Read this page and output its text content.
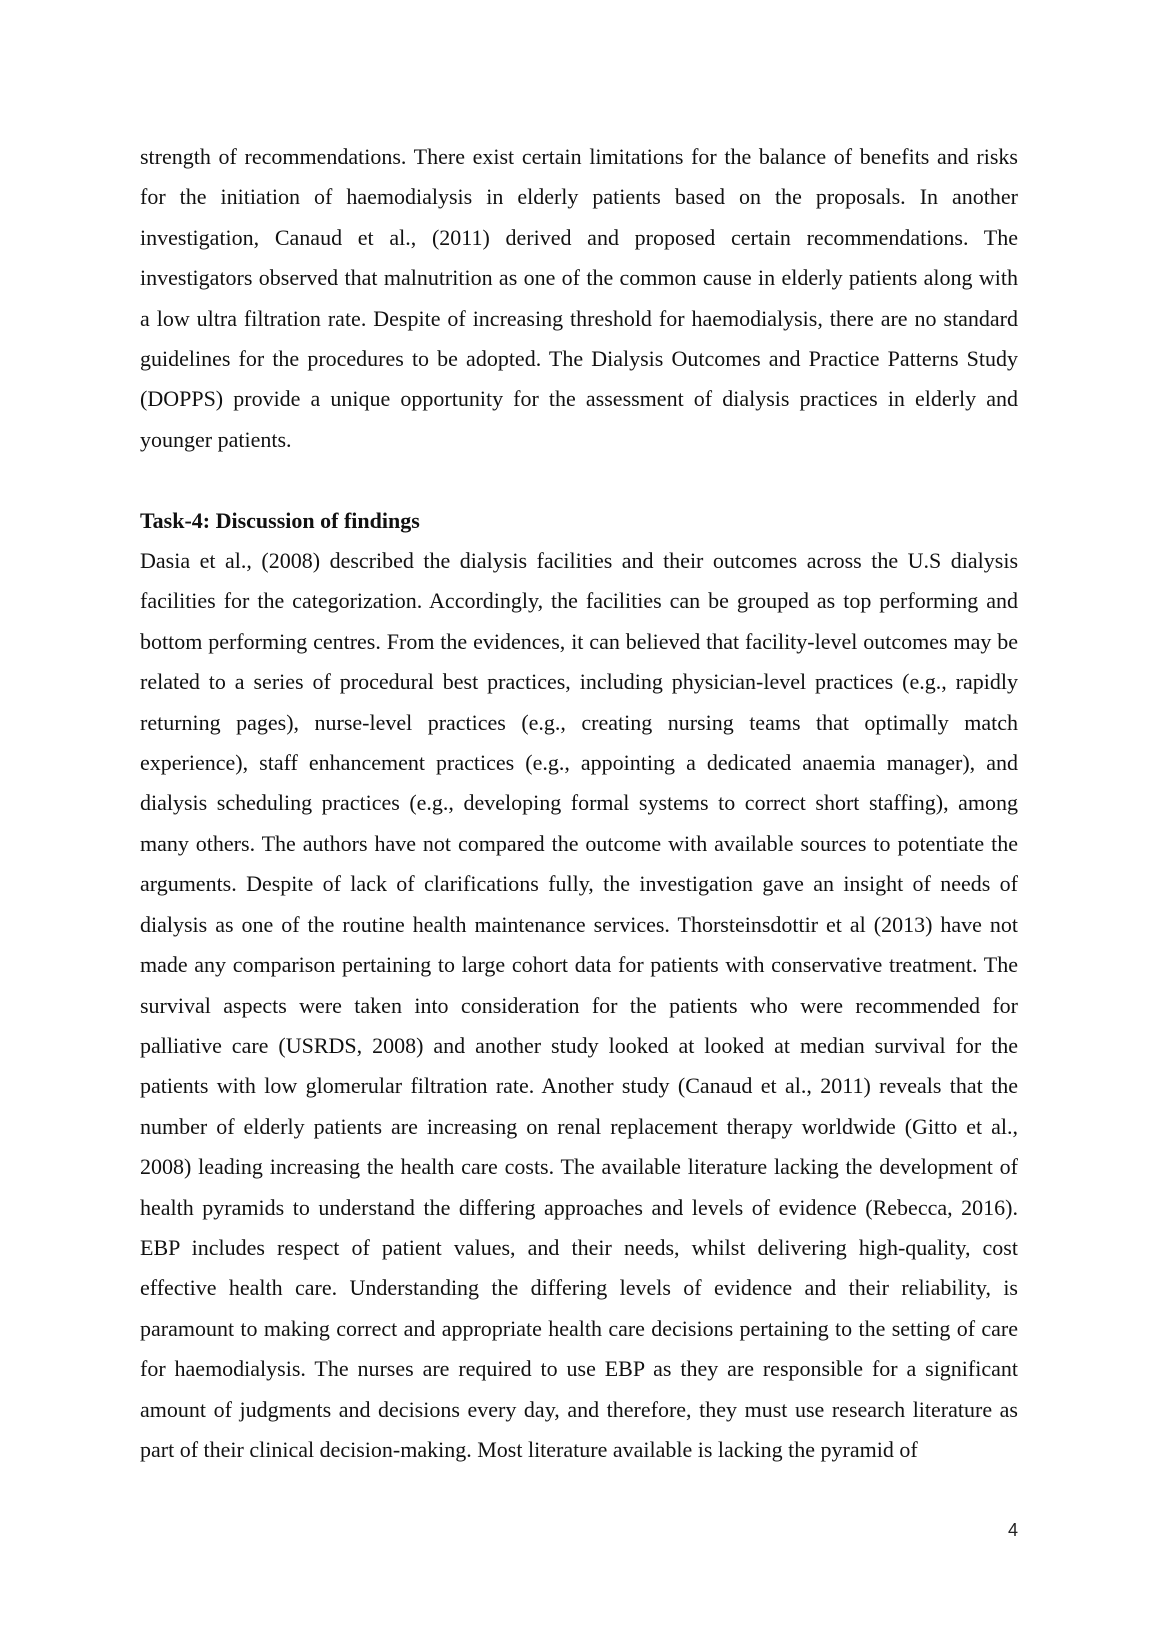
strength of recommendations. There exist certain limitations for the balance of benefits and risks for the initiation of haemodialysis in elderly patients based on the proposals. In another investigation, Canaud et al., (2011) derived and proposed certain recommendations. The investigators observed that malnutrition as one of the common cause in elderly patients along with a low ultra filtration rate. Despite of increasing threshold for haemodialysis, there are no standard guidelines for the procedures to be adopted. The Dialysis Outcomes and Practice Patterns Study (DOPPS) provide a unique opportunity for the assessment of dialysis practices in elderly and younger patients.

Task-4: Discussion of findings

Dasia et al., (2008) described the dialysis facilities and their outcomes across the U.S dialysis facilities for the categorization. Accordingly, the facilities can be grouped as top performing and bottom performing centres. From the evidences, it can believed that facility-level outcomes may be related to a series of procedural best practices, including physician-level practices (e.g., rapidly returning pages), nurse-level practices (e.g., creating nursing teams that optimally match experience), staff enhancement practices (e.g., appointing a dedicated anaemia manager), and dialysis scheduling practices (e.g., developing formal systems to correct short staffing), among many others. The authors have not compared the outcome with available sources to potentiate the arguments. Despite of lack of clarifications fully, the investigation gave an insight of needs of dialysis as one of the routine health maintenance services. Thorsteinsdottir et al (2013) have not made any comparison pertaining to large cohort data for patients with conservative treatment. The survival aspects were taken into consideration for the patients who were recommended for palliative care (USRDS, 2008) and another study looked at looked at median survival for the patients with low glomerular filtration rate. Another study (Canaud et al., 2011) reveals that the number of elderly patients are increasing on renal replacement therapy worldwide (Gitto et al., 2008) leading increasing the health care costs. The available literature lacking the development of health pyramids to understand the differing approaches and levels of evidence (Rebecca, 2016). EBP includes respect of patient values, and their needs, whilst delivering high-quality, cost effective health care. Understanding the differing levels of evidence and their reliability, is paramount to making correct and appropriate health care decisions pertaining to the setting of care for haemodialysis. The nurses are required to use EBP as they are responsible for a significant amount of judgments and decisions every day, and therefore, they must use research literature as part of their clinical decision-making. Most literature available is lacking the pyramid of

4
